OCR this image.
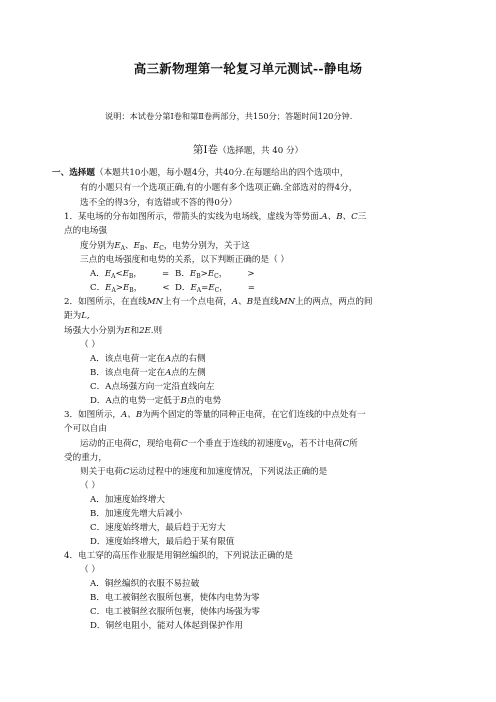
高三新物理第一轮复习单元测试--静电场
说明：本试卷分第Ⅰ卷和第Ⅱ卷两部分，共150分；答题时间120分钟.
第Ⅰ卷（选择题，共 40 分）
一、选择题（本题共10小题，每小题4分，共40分.在每题给出的四个选项中，
有的小题只有一个选项正确,有的小题有多个选项正确.全部选对的得4分，
选不全的得3分，有选错或不答的得0分）
1．某电场的分布如图所示，带箭头的实线为电场线，虚线为等势面.A、B、C三
点的电场强
度分别为$E_A$、$E_B$、$E_C$，电势分别为，关于这
三点的电场强度和电势的关系，以下判断正确的是（ ）
A．$E_A<E_B$， = B．$E_B>E_C$， >
C．$E_A>E_B$， < D．$E_A=E_C$， =
2．如图所示，在直线MN上有一个点电荷，A、B是直线MN上的两点，两点的间
距为L,
场强大小分别为E和2E.则
（ ）
A．该点电荷一定在A点的右侧
B．该点电荷一定在A点的左侧
C．A点场强方向一定沿直线向左
D．A点的电势一定低于B点的电势
3．如图所示，A、B为两个固定的等量的同种正电荷，在它们连线的中点处有一
个可以自由
运动的正电荷C，现给电荷C一个垂直于连线的初速度$v_0$，若不计电荷C所
受的重力，
则关于电荷C运动过程中的速度和加速度情况，下列说法正确的是
（ ）
A．加速度始终增大
B．加速度先增大后减小
C．速度始终增大，最后趋于无穷大
D．速度始终增大，最后趋于某有限值
4．电工穿的高压作业服是用铜丝编织的，下列说法正确的是
（ ）
A．铜丝编织的衣服不易拉破
B．电工被铜丝衣服所包裹，使体内电势为零
C．电工被铜丝衣服所包裹，使体内场强为零
D．铜丝电阻小，能对人体起到保护作用
